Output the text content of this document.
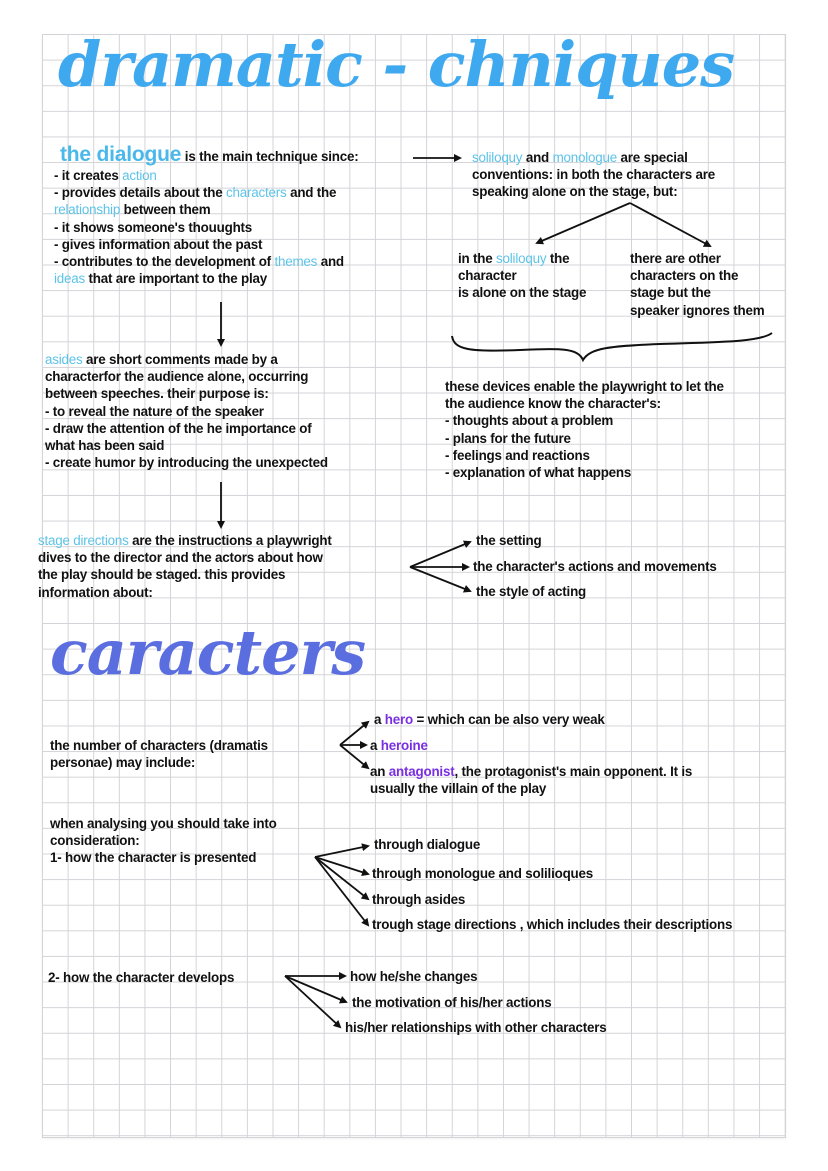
dramatic - chniques
caracters
the dialogue is the main technique since:
- it creates action
- provides details about the characters and the
relationship between them
- it shows someone's thouughts
- gives information about the past
- contributes to the development of themes and
ideas that are important to the play
soliloquy and monologue are special
conventions: in both the characters are
speaking alone on the stage, but:
in the soliloquy the
character
is alone on the stage
there are other
characters on the
stage but the
speaker ignores them
these devices enable the playwright to let the
the audience know the character's:
- thoughts about a problem
- plans for the future
- feelings and reactions
- explanation of what happens
asides are short comments made by a
characterfor the audience alone, occurring
between speeches. their purpose is:
- to reveal the nature of the speaker
- draw the attention of the he importance of
what has been said
- create humor by introducing the unexpected
stage directions are the instructions a playwright
dives to the director and the actors about how
the play should be staged. this provides
information about:
the setting
the character's actions and movements
the style of acting
the number of characters (dramatis
personae) may include:
a hero = which can be also very weak
a heroine
an antagonist, the protagonist's main opponent. It is
usually the villain of the play
when analysing you should take into
consideration:
1- how the character is presented
through dialogue
through monologue and solilioques
through asides
trough stage directions , which includes their descriptions
2- how the character develops	how he/she changes
the motivation of his/her actions
his/her relationships with other characters
